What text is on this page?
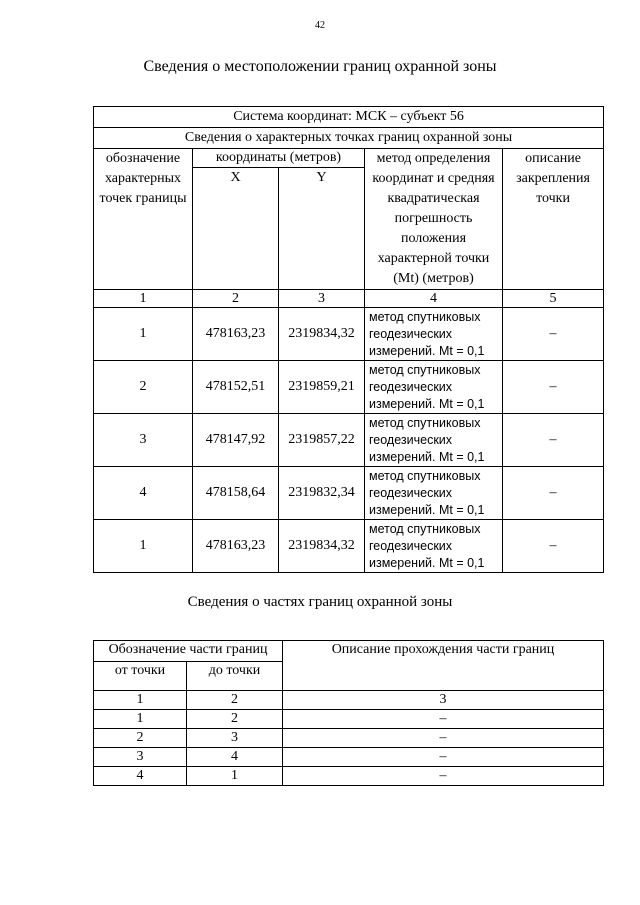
42
Сведения о местоположении границ охранной зоны
Система координат: МСК – субъект 56				
Сведения о характерных точках границ охранной зоны				
обозначение характерных точек границы	координаты (метров)		метод определения координат и средняя квадратическая погрешность положения характерной точки (Mt) (метров)	описание закрепления точки
	X	Y		
1	2	3	4	5
1	478163,23	2319834,32	метод спутниковых геодезических измерений. Mt = 0,1	–
2	478152,51	2319859,21	метод спутниковых геодезических измерений. Mt = 0,1	–
3	478147,92	2319857,22	метод спутниковых геодезических измерений. Mt = 0,1	–
4	478158,64	2319832,34	метод спутниковых геодезических измерений. Mt = 0,1	–
1	478163,23	2319834,32	метод спутниковых геодезических измерений. Mt = 0,1	–
Сведения о частях границ охранной зоны
Обозначение части границ		Описание прохождения части границ
от точки	до точки	
1	2	3
1	2	–
2	3	–
3	4	–
4	1	–
